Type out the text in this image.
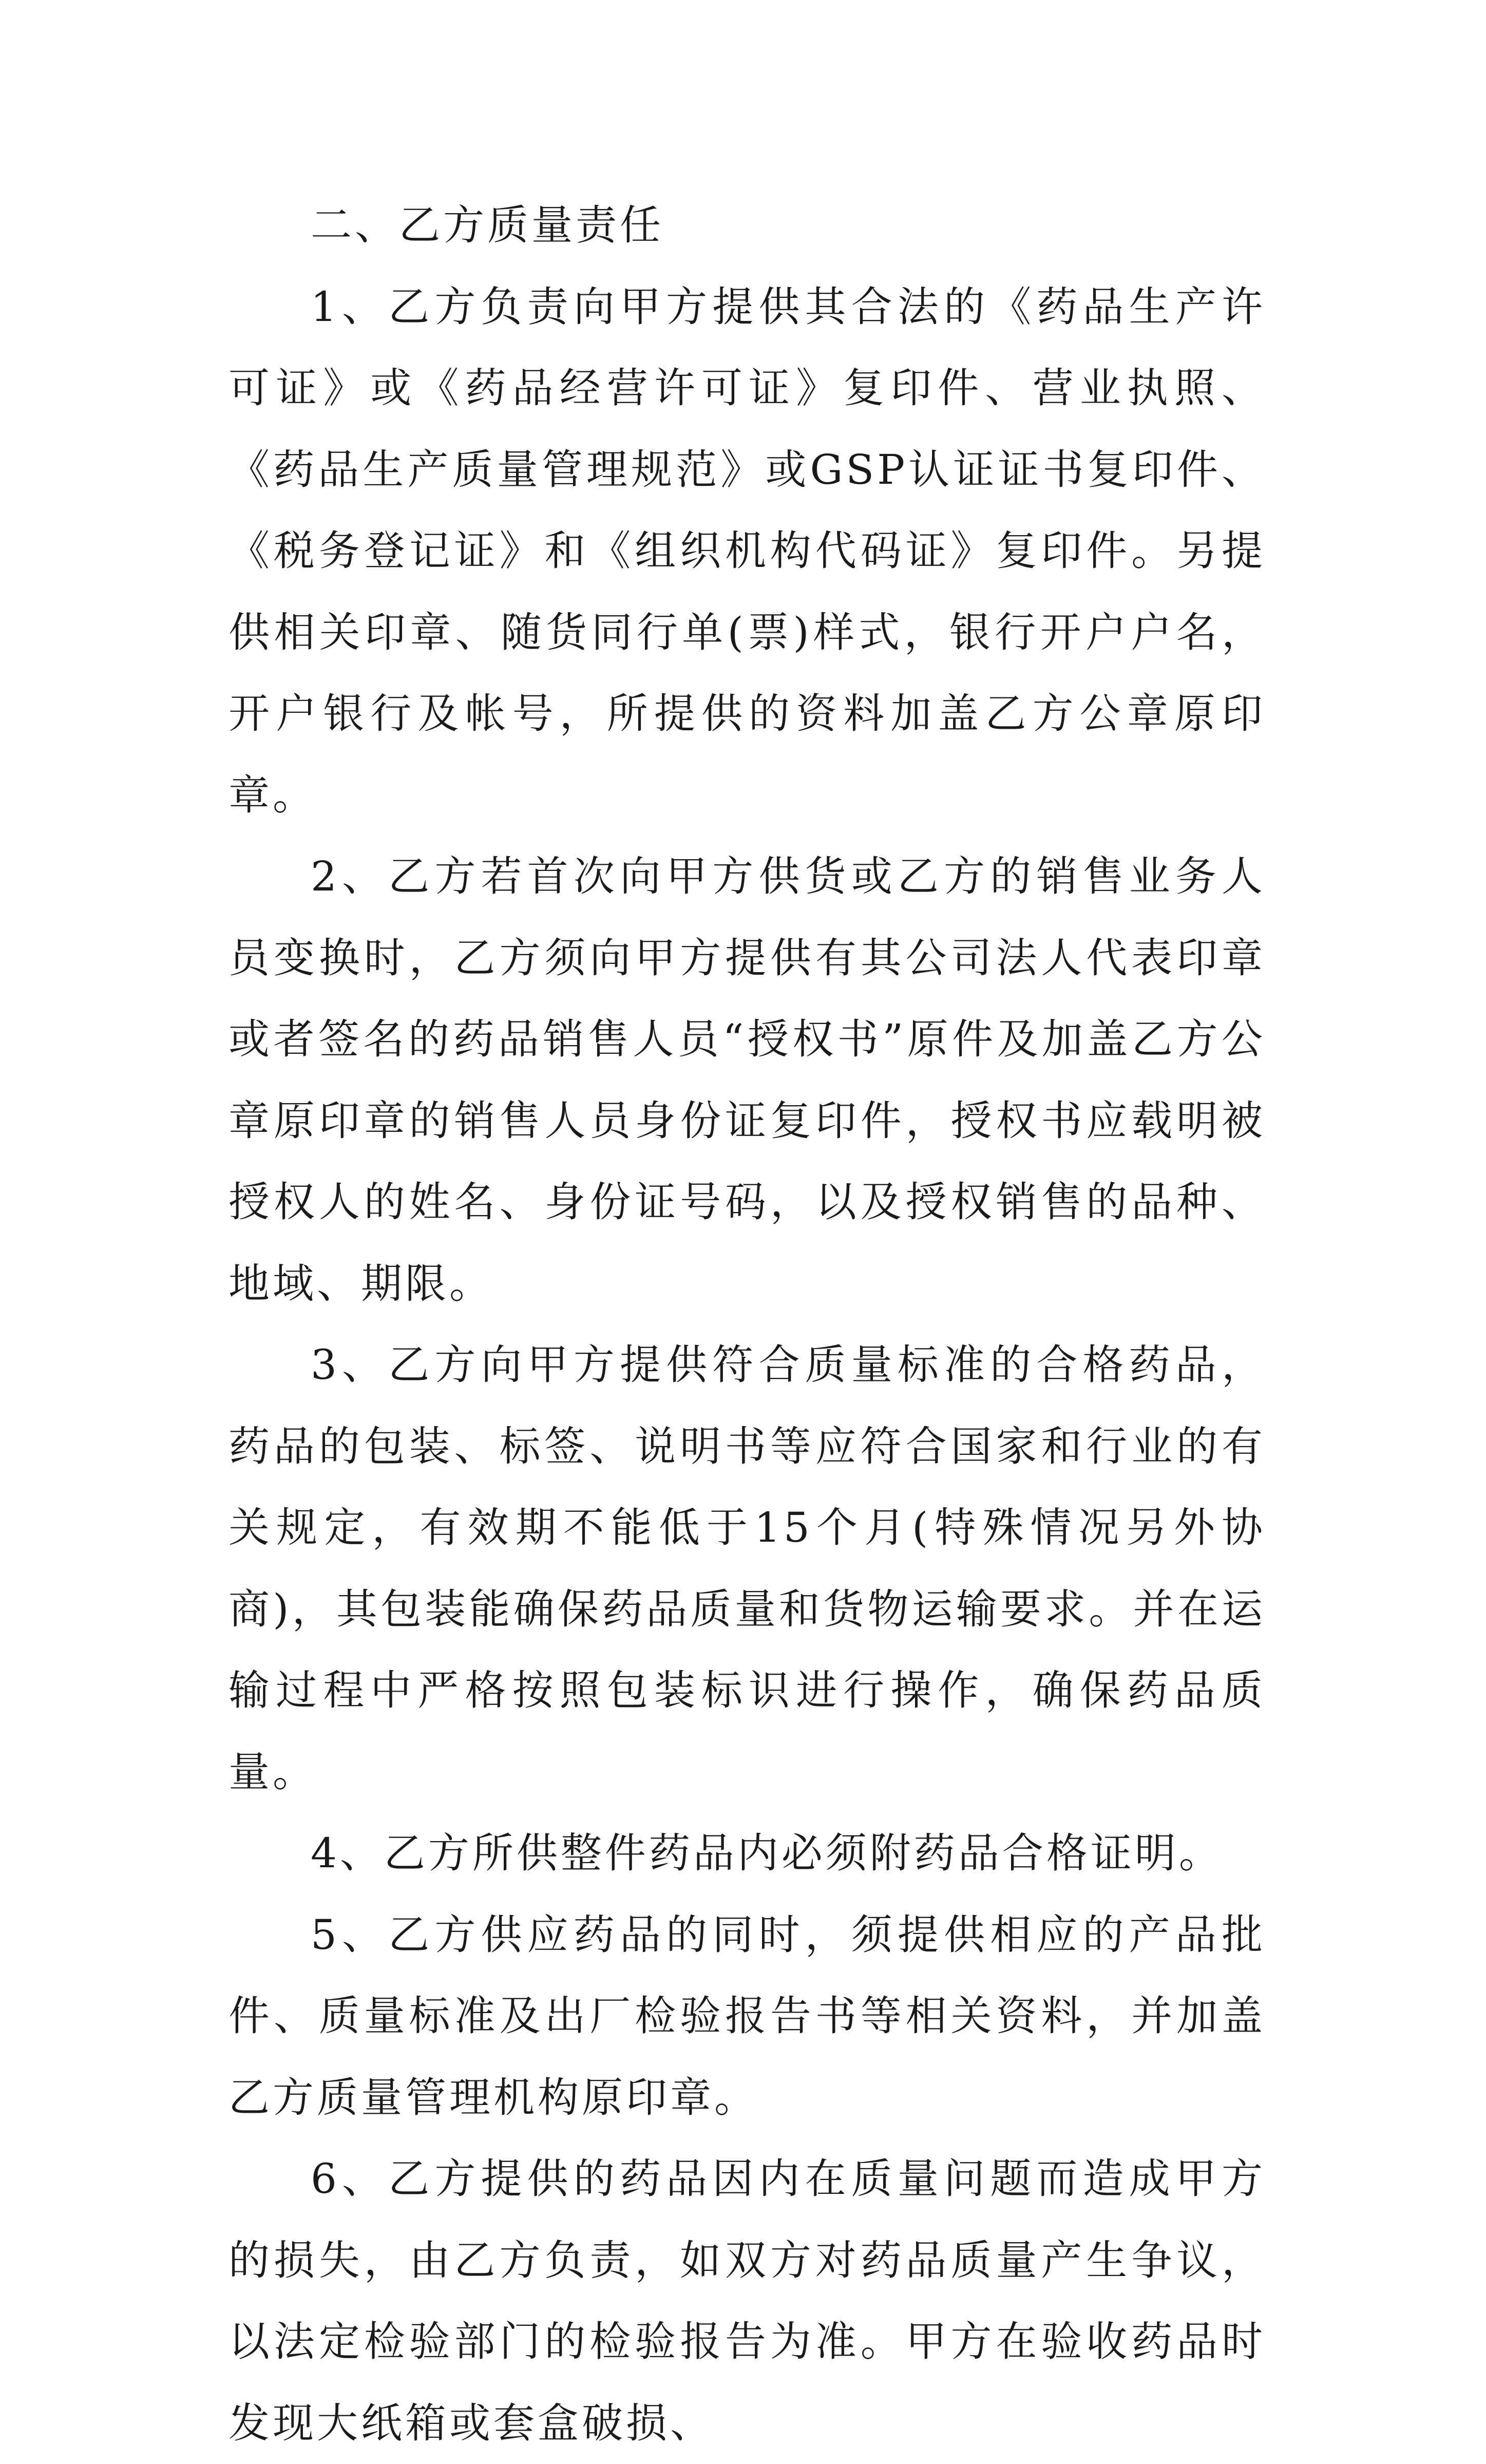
二、乙方质量责任

1、乙方负责向甲方提供其合法的《药品生产许可证》或《药品经营许可证》复印件、营业执照、《药品生产质量管理规范》或GSP认证证书复印件、《税务登记证》和《组织机构代码证》复印件。另提供相关印章、随货同行单(票)样式，银行开户户名，开户银行及帐号，所提供的资料加盖乙方公章原印章。

2、乙方若首次向甲方供货或乙方的销售业务人员变换时，乙方须向甲方提供有其公司法人代表印章或者签名的药品销售人员“授权书”原件及加盖乙方公章原印章的销售人员身份证复印件，授权书应载明被授权人的姓名、身份证号码，以及授权销售的品种、地域、期限。

3、乙方向甲方提供符合质量标准的合格药品，药品的包装、标签、说明书等应符合国家和行业的有关规定，有效期不能低于15个月(特殊情况另外协商)，其包装能确保药品质量和货物运输要求。并在运输过程中严格按照包装标识进行操作，确保药品质量。

4、乙方所供整件药品内必须附药品合格证明。

5、乙方供应药品的同时，须提供相应的产品批件、质量标准及出厂检验报告书等相关资料，并加盖乙方质量管理机构原印章。

6、乙方提供的药品因内在质量问题而造成甲方的损失，由乙方负责，如双方对药品质量产生争议，以法定检验部门的检验报告为准。甲方在验收药品时发现大纸箱或套盒破损、
